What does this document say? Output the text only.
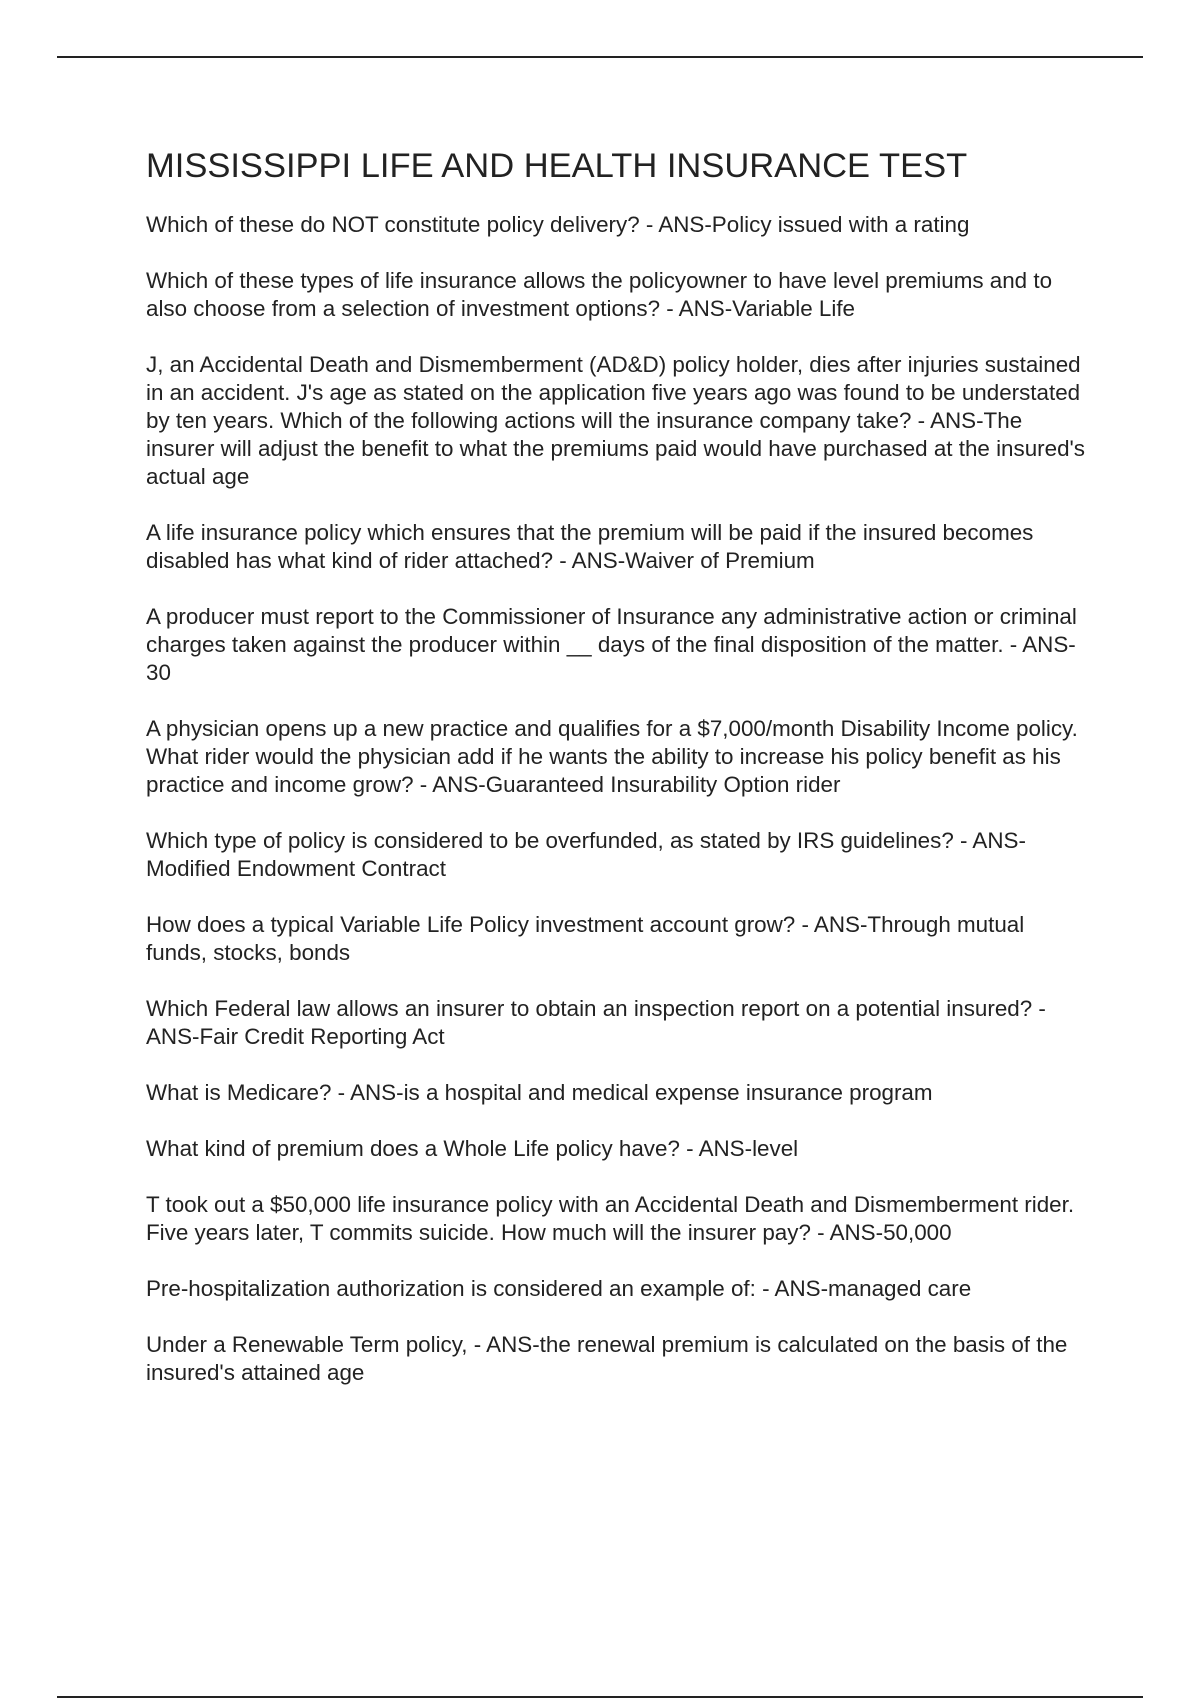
MISSISSIPPI LIFE AND HEALTH INSURANCE TEST
Which of these do NOT constitute policy delivery? - ANS-Policy issued with a rating
Which of these types of life insurance allows the policyowner to have level premiums and to also choose from a selection of investment options? - ANS-Variable Life
J, an Accidental Death and Dismemberment (AD&D) policy holder, dies after injuries sustained in an accident. J's age as stated on the application five years ago was found to be understated by ten years. Which of the following actions will the insurance company take? - ANS-The insurer will adjust the benefit to what the premiums paid would have purchased at the insured's actual age
A life insurance policy which ensures that the premium will be paid if the insured becomes disabled has what kind of rider attached? - ANS-Waiver of Premium
A producer must report to the Commissioner of Insurance any administrative action or criminal charges taken against the producer within __ days of the final disposition of the matter. - ANS-30
A physician opens up a new practice and qualifies for a $7,000/month Disability Income policy. What rider would the physician add if he wants the ability to increase his policy benefit as his practice and income grow? - ANS-Guaranteed Insurability Option rider
Which type of policy is considered to be overfunded, as stated by IRS guidelines? - ANS-Modified Endowment Contract
How does a typical Variable Life Policy investment account grow? - ANS-Through mutual funds, stocks, bonds
Which Federal law allows an insurer to obtain an inspection report on a potential insured? - ANS-Fair Credit Reporting Act
What is Medicare? - ANS-is a hospital and medical expense insurance program
What kind of premium does a Whole Life policy have? - ANS-level
T took out a $50,000 life insurance policy with an Accidental Death and Dismemberment rider. Five years later, T commits suicide. How much will the insurer pay? - ANS-50,000
Pre-hospitalization authorization is considered an example of: - ANS-managed care
Under a Renewable Term policy, - ANS-the renewal premium is calculated on the basis of the insured's attained age
